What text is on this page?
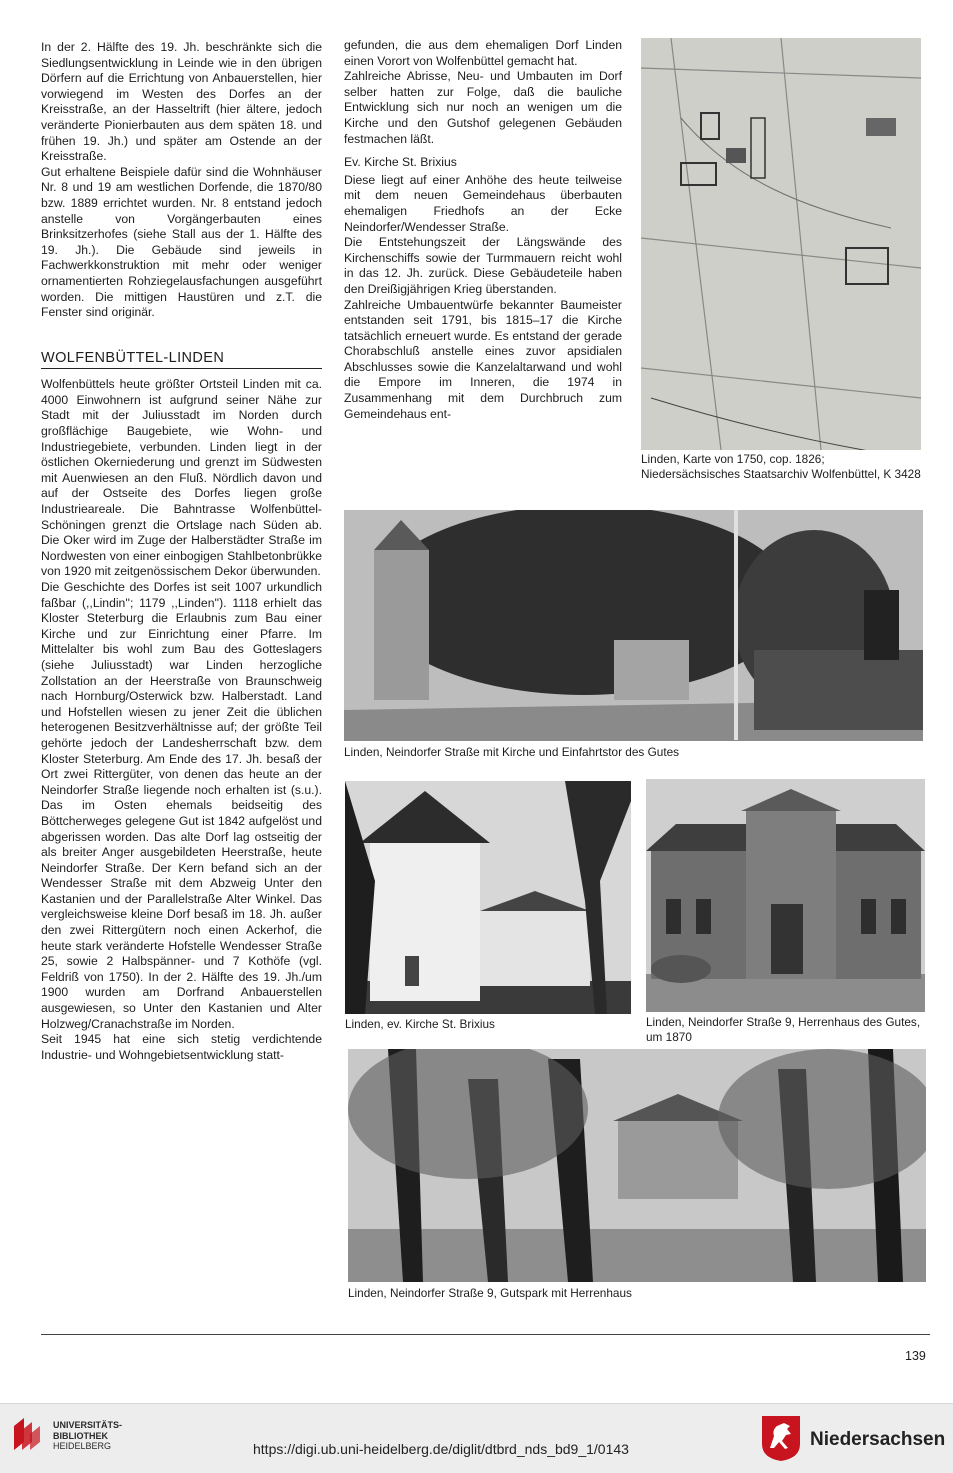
In der 2. Hälfte des 19. Jh. beschränkte sich die Siedlungsentwicklung in Leinde wie in den übrigen Dörfern auf die Errichtung von Anbauerstellen, hier vorwiegend im Westen des Dorfes an der Kreisstraße, an der Hasseltrift (hier ältere, jedoch veränderte Pionierbauten aus dem späten 18. und frühen 19. Jh.) und später am Ostende an der Kreisstraße.

Gut erhaltene Beispiele dafür sind die Wohnhäuser Nr. 8 und 19 am westlichen Dorfende, die 1870/80 bzw. 1889 errichtet wurden. Nr. 8 entstand jedoch anstelle von Vorgängerbauten eines Brinksitzerhofes (siehe Stall aus der 1. Hälfte des 19. Jh.). Die Gebäude sind jeweils in Fachwerkkonstruktion mit mehr oder weniger ornamentierten Rohziegelausfachungen ausgeführt worden. Die mittigen Haustüren und z.T. die Fenster sind originär.

WOLFENBÜTTEL-LINDEN

Wolfenbüttels heute größter Ortsteil Linden mit ca. 4000 Einwohnern ist aufgrund seiner Nähe zur Stadt mit der Juliusstadt im Norden durch großflächige Baugebiete, wie Wohn- und Industriegebiete, verbunden. Linden liegt in der östlichen Okerniederung und grenzt im Südwesten mit Auenwiesen an den Fluß. Nördlich davon und auf der Ostseite des Dorfes liegen große Industrieareale. Die Bahntrasse Wolfenbüttel-Schöningen grenzt die Ortslage nach Süden ab. Die Oker wird im Zuge der Halberstädter Straße im Nordwesten von einer einbogigen Stahlbetonbrükke von 1920 mit zeitgenössischem Dekor überwunden.

Die Geschichte des Dorfes ist seit 1007 urkundlich faßbar (,,Lindin''; 1179 ,,Linden''). 1118 erhielt das Kloster Steterburg die Erlaubnis zum Bau einer Kirche und zur Einrichtung einer Pfarre. Im Mittelalter bis wohl zum Bau des Gotteslagers (siehe Juliusstadt) war Linden herzogliche Zollstation an der Heerstraße von Braunschweig nach Hornburg/Osterwick bzw. Halberstadt. Land und Hofstellen wiesen zu jener Zeit die üblichen heterogenen Besitzverhältnisse auf; der größte Teil gehörte jedoch der Landesherrschaft bzw. dem Kloster Steterburg. Am Ende des 17. Jh. besaß der Ort zwei Rittergüter, von denen das heute an der Neindorfer Straße liegende noch erhalten ist (s.u.). Das im Osten ehemals beidseitig des Böttcherweges gelegene Gut ist 1842 aufgelöst und abgerissen worden. Das alte Dorf lag ostseitig der als breiter Anger ausgebildeten Heerstraße, heute Neindorfer Straße. Der Kern befand sich an der Wendesser Straße mit dem Abzweig Unter den Kastanien und der Parallelstraße Alter Winkel. Das vergleichsweise kleine Dorf besaß im 18. Jh. außer den zwei Rittergütern noch einen Ackerhof, die heute stark veränderte Hofstelle Wendesser Straße 25, sowie 2 Halbspänner- und 7 Kothöfe (vgl. Feldriß von 1750). In der 2. Hälfte des 19. Jh./um 1900 wurden am Dorfrand Anbauerstellen ausgewiesen, so Unter den Kastanien und Alter Holzweg/Cranachstraße im Norden.

Seit 1945 hat eine sich stetig verdichtende Industrie- und Wohngebietsentwicklung statt-

gefunden, die aus dem ehemaligen Dorf Linden einen Vorort von Wolfenbüttel gemacht hat.

Zahlreiche Abrisse, Neu- und Umbauten im Dorf selber hatten zur Folge, daß die bauliche Entwicklung sich nur noch an wenigen um die Kirche und den Gutshof gelegenen Gebäuden festmachen läßt.

Ev. Kirche St. Brixius

Diese liegt auf einer Anhöhe des heute teilweise mit dem neuen Gemeindehaus überbauten ehemaligen Friedhofs an der Ecke Neindorfer/Wendesser Straße.

Die Entstehungszeit der Längswände des Kirchenschiffs sowie der Turmmauern reicht wohl in das 12. Jh. zurück. Diese Gebäudeteile haben den Dreißigjährigen Krieg überstanden.

Zahlreiche Umbauentwürfe bekannter Baumeister entstanden seit 1791, bis 1815–17 die Kirche tatsächlich erneuert wurde. Es entstand der gerade Chorabschluß anstelle eines zuvor apsidialen Abschlusses sowie die Kanzelaltarwand und wohl die Empore im Inneren, die 1974 in Zusammenhang mit dem Durchbruch zum Gemeindehaus ent-

Linden, Karte von 1750, cop. 1826; Niedersächsisches Staatsarchiv Wolfenbüttel, K 3428
Linden, Neindorfer Straße mit Kirche und Einfahrtstor des Gutes
Linden, ev. Kirche St. Brixius	Linden, Neindorfer Straße 9, Herrenhaus des Gutes, um 1870
Linden, Neindorfer Straße 9, Gutspark mit Herrenhaus
139
UNIVERSITÄTS-
BIBLIOTHEK
HEIDELBERG	https://digi.ub.uni-heidelberg.de/diglit/dtbrd_nds_bd9_1/0143	Niedersachsen
